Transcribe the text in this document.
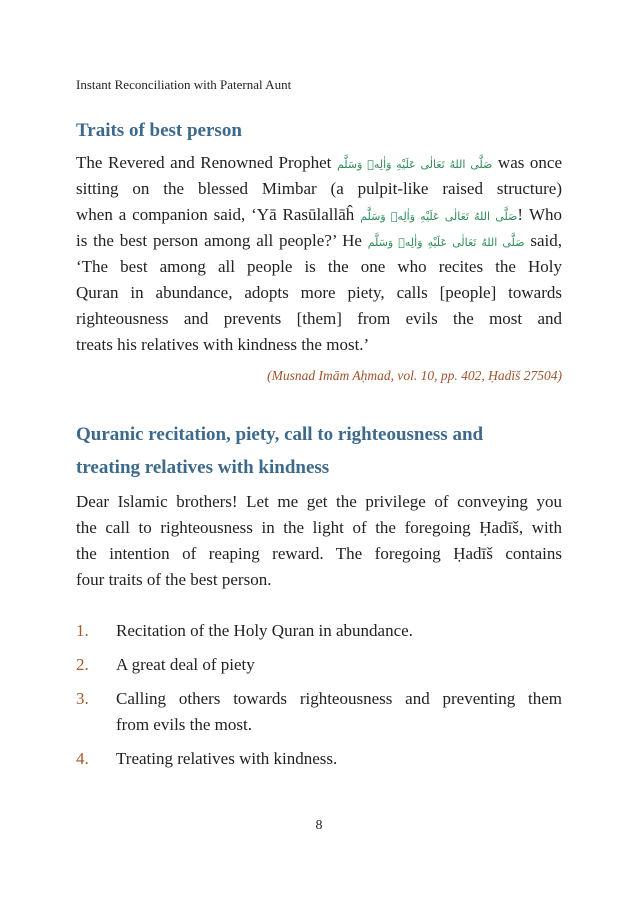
Instant Reconciliation with Paternal Aunt
Traits of best person
The Revered and Renowned Prophet صَلَّى اللهُ تَعَالٰى عَلَيْهِ وَاٰلِهٖ وَسَلَّم was once
sitting on the blessed Mimbar (a pulpit-like raised structure)
when a companion said, ‘Yā Rasūlallāĥ صَلَّى اللهُ تَعَالٰى عَلَيْهِ وَاٰلِهٖ وَسَلَّم! Who
is the best person among all people?’ He صَلَّى اللهُ تَعَالٰى عَلَيْهِ وَاٰلِهٖ وَسَلَّم said,
‘The best among all people is the one who recites the Holy
Quran in abundance, adopts more piety, calls [people] towards
righteousness and prevents [them] from evils the most and
treats his relatives with kindness the most.’
(Musnad Imām Aḥmad, vol. 10, pp. 402, Ḥadīš 27504)
Quranic recitation, piety, call to righteousness and
treating relatives with kindness
Dear Islamic brothers! Let me get the privilege of conveying you
the call to righteousness in the light of the foregoing Ḥadīš, with
the intention of reaping reward. The foregoing Ḥadīš contains
four traits of the best person.
1. Recitation of the Holy Quran in abundance.
2. A great deal of piety
3. Calling others towards righteousness and preventing them
from evils the most.
4. Treating relatives with kindness.
8
